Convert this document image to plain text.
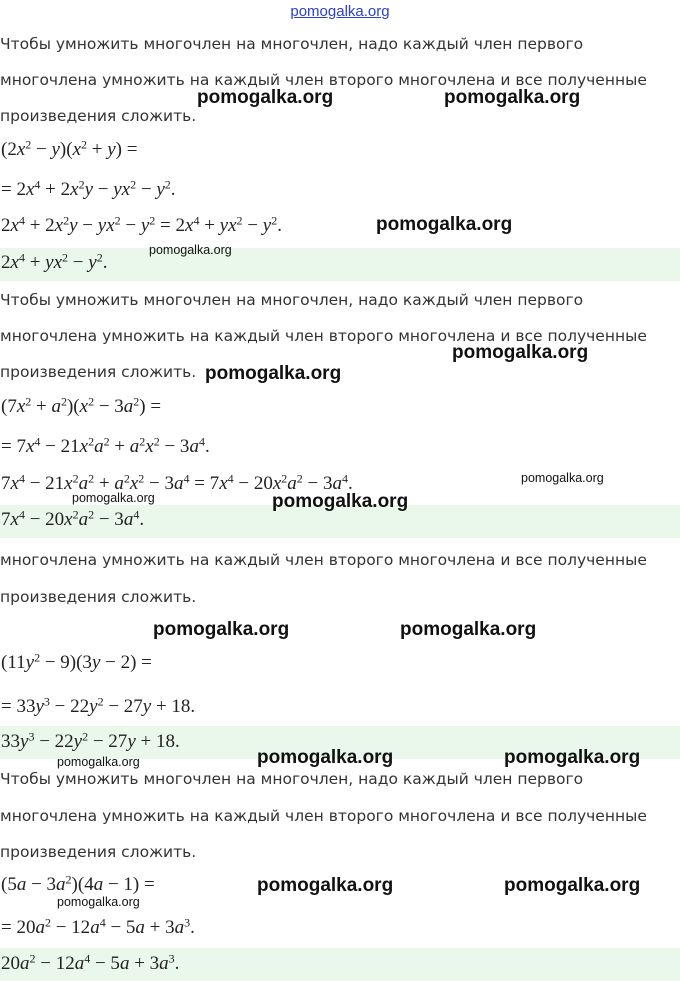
pomogalka.org
Чтобы умножить многочлен на многочлен, надо каждый член первого
многочлена умножить на каждый член второго многочлена и все полученные
произведения сложить.
$(2x^2 - y)(x^2 + y)$ =
= $2x^4 + 2x^2y - yx^2 - y^2$.
$2x^4 + 2x^2y - yx^2 - y^2 = 2x^4 + yx^2 - y^2$.
$2x^4 + yx^2 - y^2$.
Чтобы умножить многочлен на многочлен, надо каждый член первого
многочлена умножить на каждый член второго многочлена и все полученные
произведения сложить.
$(7x^2 + a^2)(x^2 - 3a^2)$ =
= $7x^4 - 21x^2a^2 + a^2x^2 - 3a^4$.
$7x^4 - 21x^2a^2 + a^2x^2 - 3a^4 = 7x^4 - 20x^2a^2 - 3a^4$.
$7x^4 - 20x^2a^2 - 3a^4$.
многочлена умножить на каждый член второго многочлена и все полученные
произведения сложить.
$(11y^2 - 9)(3y - 2)$ =
= $33y^3 - 22y^2 - 27y + 18$.
$33y^3 - 22y^2 - 27y + 18$.
Чтобы умножить многочлен на многочлен, надо каждый член первого
многочлена умножить на каждый член второго многочлена и все полученные
произведения сложить.
$(5a - 3a^2)(4a - 1)$ =
= $20a^2 - 12a^4 - 5a + 3a^3$.
$20a^2 - 12a^4 - 5a + 3a^3$.
pomogalka.org	pomogalka.org
pomogalka.org
pomogalka.org
pomogalka.org
pomogalka.org
pomogalka.org
pomogalka.org	pomogalka.org
pomogalka.org	pomogalka.org
pomogalka.org	pomogalka.org
pomogalka.org
pomogalka.org	pomogalka.org
pomogalka.org
